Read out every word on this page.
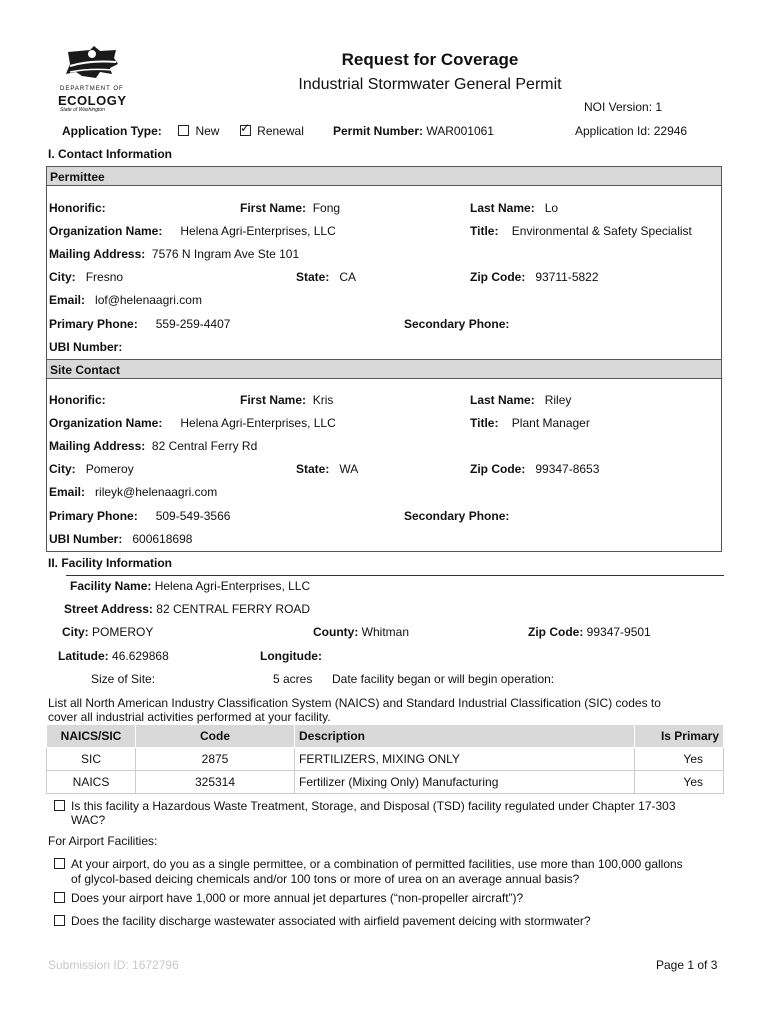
DEPARTMENT OF
ECOLOGY
State of Washington
Request for Coverage
Industrial Stormwater General Permit
NOI Version: 1
Application Type:	New ✓	Renewal Permit Number: WAR001061	Application Id: 22946
I. Contact Information
Permittee
Honorific:	First Name: Fong	Last Name: Lo
Organization Name: Helena Agri-Enterprises, LLC	Title: Environmental & Safety Specialist
Mailing Address: 7576 N Ingram Ave Ste 101
City: Fresno	State: CA	Zip Code: 93711-5822
Email: lof@helenaagri.com
Primary Phone: 559-259-4407	Secondary Phone:
UBI Number:
Site Contact
Honorific:	First Name: Kris	Last Name: Riley
Organization Name: Helena Agri-Enterprises, LLC	Title: Plant Manager
Mailing Address: 82 Central Ferry Rd
City: Pomeroy	State: WA	Zip Code: 99347-8653
Email: rileyk@helenaagri.com
Primary Phone: 509-549-3566	Secondary Phone:
UBI Number: 600618698
II. Facility Information
Facility Name: Helena Agri-Enterprises, LLC
Street Address: 82 CENTRAL FERRY ROAD
City: POMEROY	County: Whitman	Zip Code: 99347-9501
Latitude: 46.629868	Longitude:
Size of Site:	5 acres Date facility began or will begin operation:
List all North American Industry Classification System (NAICS) and Standard Industrial Classification (SIC) codes to
cover all industrial activities performed at your facility.
NAICS/SIC	Code	Description	Is Primary
SIC	2875	FERTILIZERS, MIXING ONLY	Yes
NAICS	325314	Fertilizer (Mixing Only) Manufacturing	Yes
Is this facility a Hazardous Waste Treatment, Storage, and Disposal (TSD) facility regulated under Chapter 17-303
WAC?
For Airport Facilities:
At your airport, do you as a single permittee, or a combination of permitted facilities, use more than 100,000 gallons
of glycol-based deicing chemicals and/or 100 tons or more of urea on an average annual basis?
Does your airport have 1,000 or more annual jet departures (“non-propeller aircraft”)?
Does the facility discharge wastewater associated with airfield pavement deicing with stormwater?
Submission ID: 1672796	Page 1 of 3
